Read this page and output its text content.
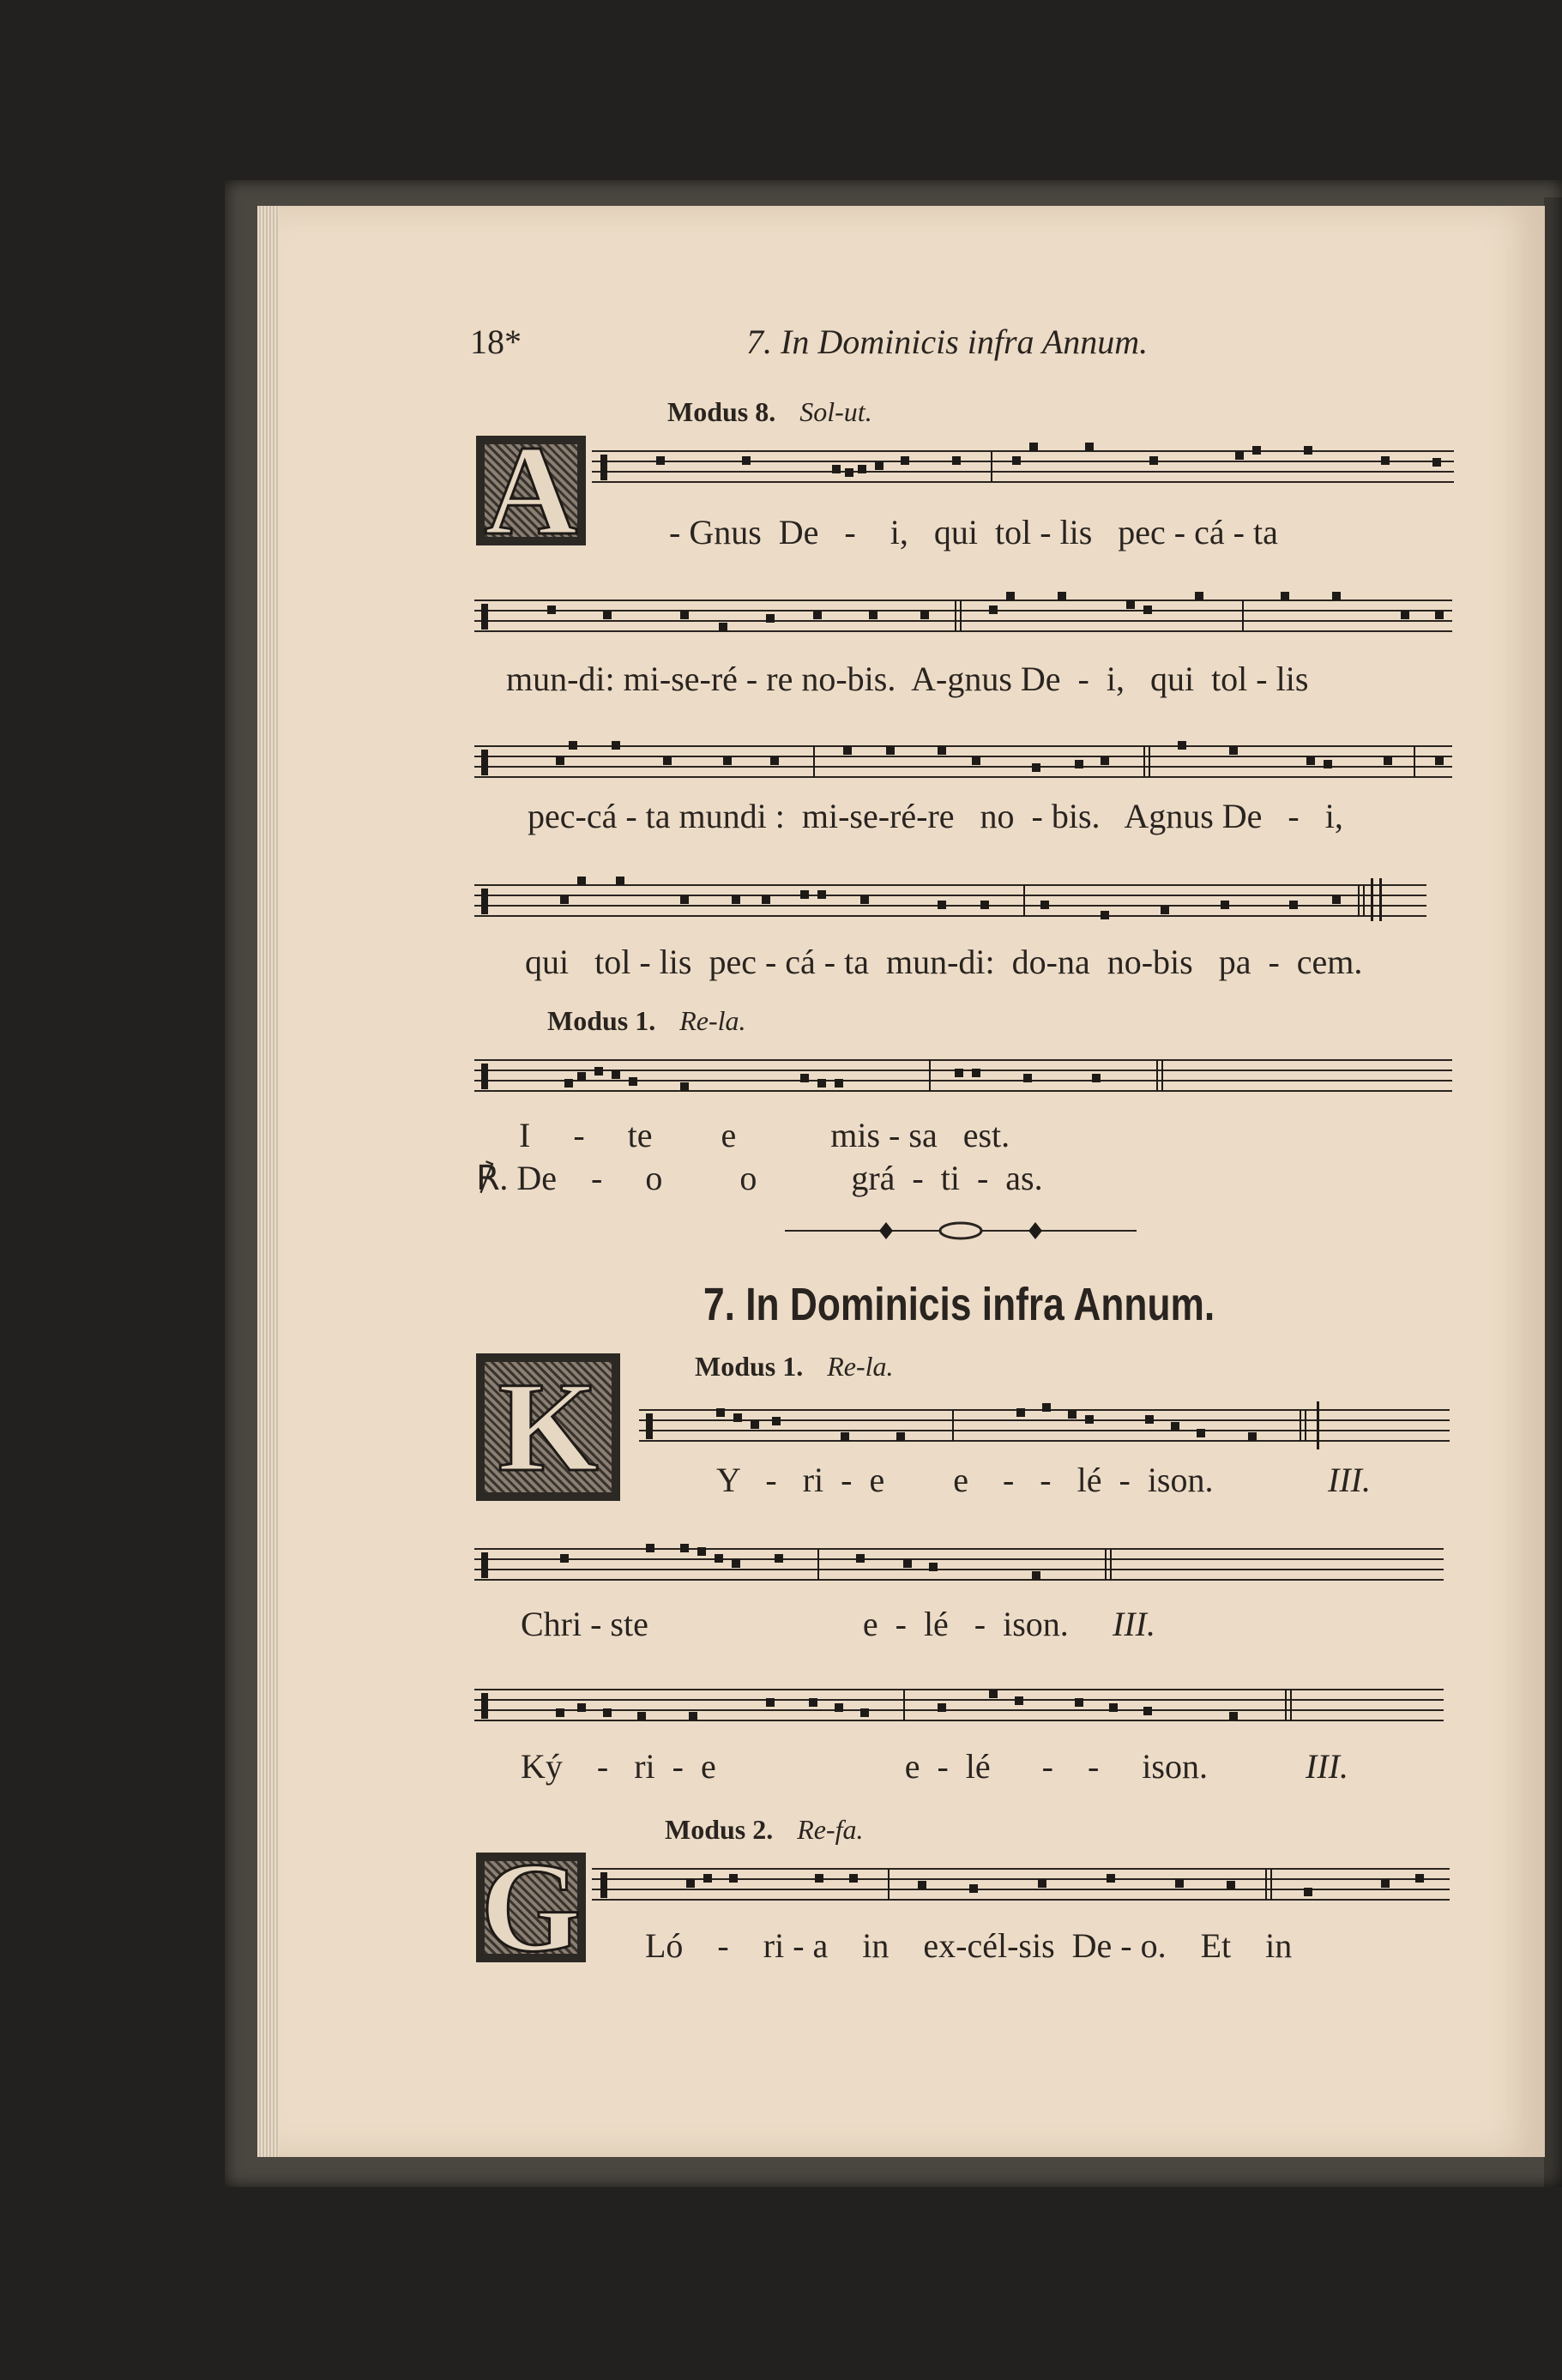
18*	7. In Dominicis infra Annum.
Modus 8. Sol-ut.
A	- Gnus  De   -    i,   qui  tol - lis   pec - cá - ta
mun-di: mi-se-ré - re no-bis.  A-gnus De  -  i,   qui  tol - lis
pec-cá - ta mundi :  mi-se-ré-re   no  - bis.   Agnus De   -   i,
qui   tol - lis  pec - cá - ta  mun-di:  do-na  no-bis   pa  -  cem.
Modus 1. Re-la.
I     -     te        e           mis - sa   est.
℟. De    -     o         o           grá  -  ti  -  as.
7. In Dominicis infra Annum.
Modus 1. Re-la.
K	Y   -   ri  -  e        e    -   -   lé  -  ison.	III.
Chri - ste                         e  -  lé   -  ison. III.
Ký    -   ri  -  e                      e  -  lé      -    -     ison.	III.
Modus 2. Re-fa.
G Ló    -    ri - a    in    ex-cél-sis  De - o.    Et    in
